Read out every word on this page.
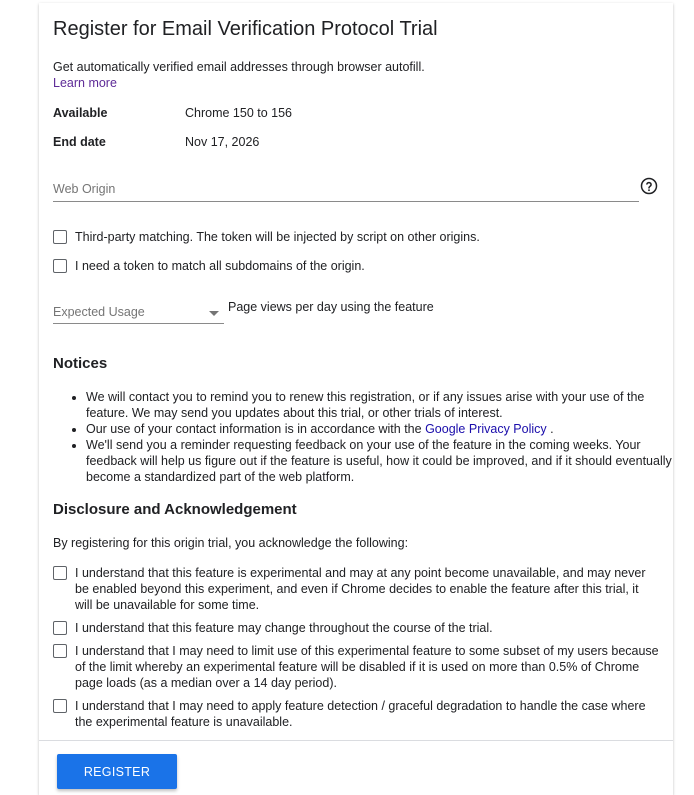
Register for Email Verification Protocol Trial
Get automatically verified email addresses through browser autofill.
Learn more
Available	Chrome 150 to 156
End date	Nov 17, 2026
Web Origin
Third-party matching. The token will be injected by script on other origins.
I need a token to match all subdomains of the origin.
Expected Usage	Page views per day using the feature
Notices
• We will contact you to remind you to renew this registration, or if any issues arise with your use of the feature. We may send you updates about this trial, or other trials of interest.
• Our use of your contact information is in accordance with the Google Privacy Policy .
• We'll send you a reminder requesting feedback on your use of the feature in the coming weeks. Your feedback will help us figure out if the feature is useful, how it could be improved, and if it should eventually become a standardized part of the web platform.
Disclosure and Acknowledgement
By registering for this origin trial, you acknowledge the following:
I understand that this feature is experimental and may at any point become unavailable, and may never be enabled beyond this experiment, and even if Chrome decides to enable the feature after this trial, it will be unavailable for some time.
I understand that this feature may change throughout the course of the trial.
I understand that I may need to limit use of this experimental feature to some subset of my users because of the limit whereby an experimental feature will be disabled if it is used on more than 0.5% of Chrome page loads (as a median over a 14 day period).
I understand that I may need to apply feature detection / graceful degradation to handle the case where the experimental feature is unavailable.
REGISTER
